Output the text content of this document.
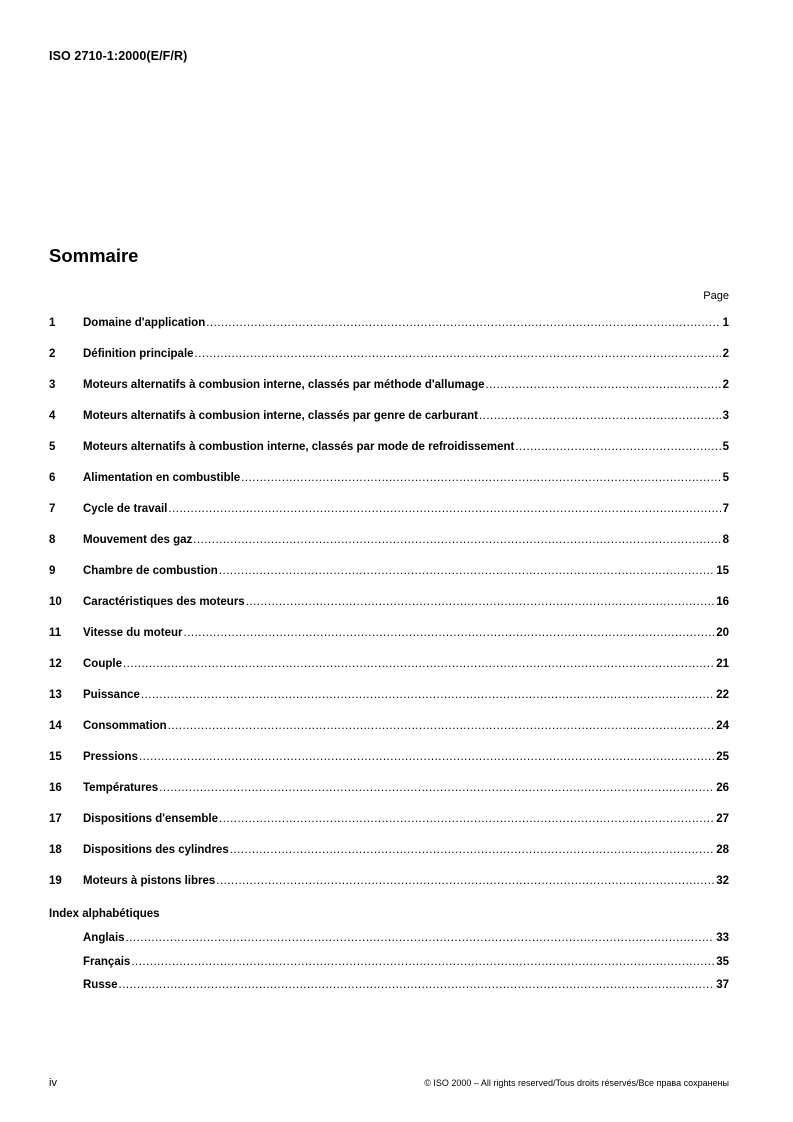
ISO 2710-1:2000(E/F/R)
Sommaire
Page
1	Domaine d'application .....	1
2	Définition principale .....	2
3	Moteurs alternatifs à combusion interne, classés par méthode d'allumage .....	2
4	Moteurs alternatifs à combusion interne, classés par genre de carburant .....	3
5	Moteurs alternatifs à combustion interne, classés par mode de refroidissement .....	5
6	Alimentation en combustible .....	5
7	Cycle de travail .....	7
8	Mouvement des gaz .....	8
9	Chambre de combustion .....	15
10	Caractéristiques des moteurs .....	16
11	Vitesse du moteur .....	20
12	Couple .....	21
13	Puissance .....	22
14	Consommation .....	24
15	Pressions .....	25
16	Températures .....	26
17	Dispositions d'ensemble .....	27
18	Dispositions des cylindres .....	28
19	Moteurs à pistons libres .....	32
Index alphabétiques
Anglais .....	33
Français .....	35
Russe .....	37
iv	© ISO 2000 – All rights reserved/Tous droits réservés/Все права сохранены
